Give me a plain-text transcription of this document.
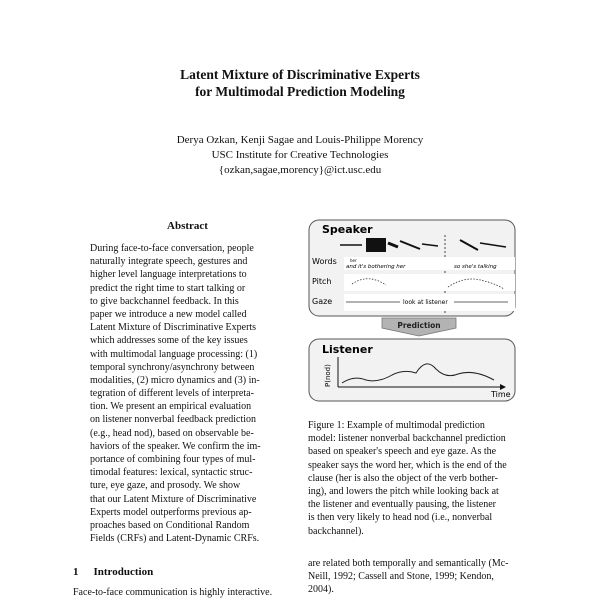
Latent Mixture of Discriminative Experts
for Multimodal Prediction Modeling
Derya Ozkan, Kenji Sagae and Louis-Philippe Morency
USC Institute for Creative Technologies
{ozkan,sagae,morency}@ict.usc.edu
Abstract
During face-to-face conversation, people
naturally integrate speech, gestures and
higher level language interpretations to
predict the right time to start talking or
to give backchannel feedback. In this
paper we introduce a new model called
Latent Mixture of Discriminative Experts
which addresses some of the key issues
with multimodal language processing: (1)
temporal synchrony/asynchrony between
modalities, (2) micro dynamics and (3) in-
tegration of different levels of interpreta-
tion. We present an empirical evaluation
on listener nonverbal feedback prediction
(e.g., head nod), based on observable be-
haviors of the speaker. We confirm the im-
portance of combining four types of mul-
timodal features: lexical, syntactic struc-
ture, eye gaze, and prosody. We show
that our Latent Mixture of Discriminative
Experts model outperforms previous ap-
proaches based on Conditional Random
Fields (CRFs) and Latent-Dynamic CRFs.
1 Introduction
Face-to-face communication is highly interactive.
Speaker
Words	her
and it's bothering her	so she's talking
Pitch
Gaze	look at listener
Prediction
Listener
P(nod)
Time
Figure 1: Example of multimodal prediction
model: listener nonverbal backchannel prediction
based on speaker's speech and eye gaze. As the
speaker says the word her, which is the end of the
clause (her is also the object of the verb bother-
ing), and lowers the pitch while looking back at
the listener and eventually pausing, the listener
is then very likely to head nod (i.e., nonverbal
backchannel).
are related both temporally and semantically (Mc-
Neill, 1992; Cassell and Stone, 1999; Kendon,
2004).
